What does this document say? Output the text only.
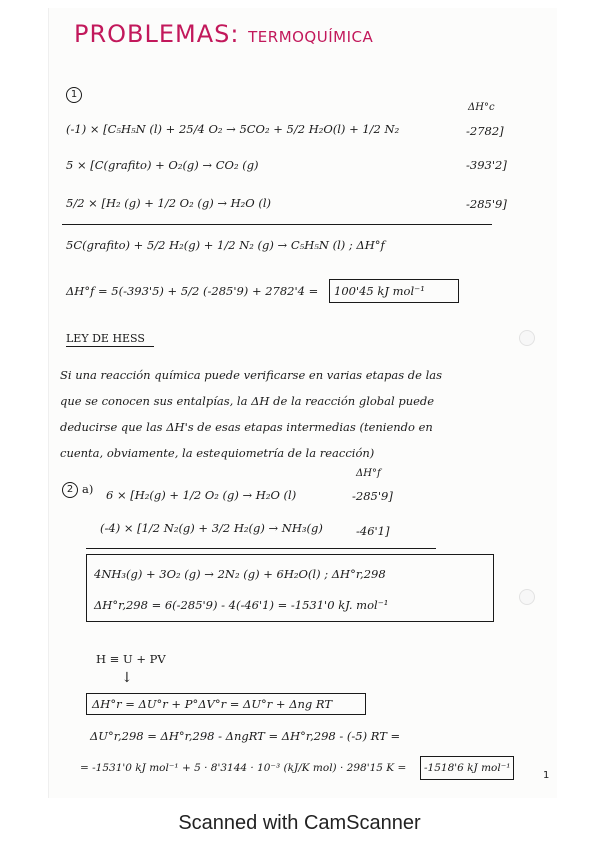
PROBLEMAS: TERMOQUÍMICA
1
ΔH°c
(-1) × [C₅H₅N (l) + 25/4 O₂ → 5CO₂ + 5/2 H₂O(l) + 1/2 N₂	-2782]
5 × [C(grafito) + O₂(g) → CO₂ (g)	-393'2]
5/2 × [H₂ (g) + 1/2 O₂ (g) → H₂O (l)	-285'9]
5C(grafito) + 5/2 H₂(g) + 1/2 N₂ (g) → C₅H₅N (l) ; ΔH°f
ΔH°f = 5(-393'5) + 5/2 (-285'9) + 2782'4 = 100'45 kJ mol⁻¹
LEY DE HESS
Si una reacción química puede verificarse en varias etapas de las
que se conocen sus entalpías, la ΔH de la reacción global puede
deducirse que las ΔH's de esas etapas intermedias (teniendo en
cuenta, obviamente, la estequiometría de la reacción)
2 a)
ΔH°f
6 × [H₂(g) + 1/2 O₂ (g) → H₂O (l)	-285'9]
(-4) × [1/2 N₂(g) + 3/2 H₂(g) → NH₃(g)	-46'1]
4NH₃(g) + 3O₂ (g) → 2N₂ (g) + 6H₂O(l) ; ΔH°r,298
ΔH°r,298 = 6(-285'9) - 4(-46'1) = -1531'0 kJ. mol⁻¹
H ≡ U + PV
↓
ΔH°r = ΔU°r + P°ΔV°r = ΔU°r + Δng RT
ΔU°r,298 = ΔH°r,298 - ΔngRT = ΔH°r,298 - (-5) RT =
= -1531'0 kJ mol⁻¹ + 5 · 8'3144 · 10⁻³ (kJ/K mol) · 298'15 K = -1518'6 kJ mol⁻¹
1
Scanned with CamScanner
